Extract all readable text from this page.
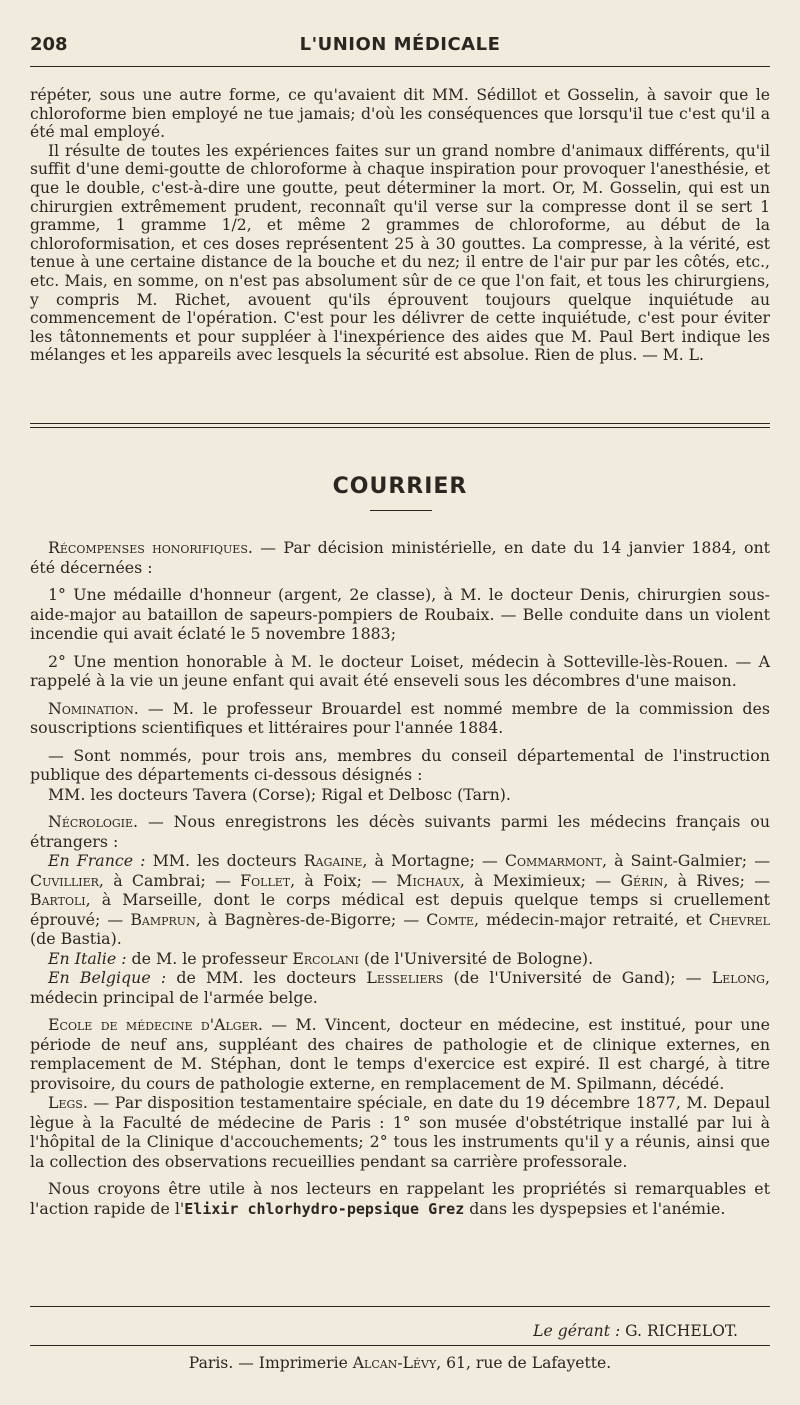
208	L'UNION MÉDICALE

répéter, sous une autre forme, ce qu'avaient dit MM. Sédillot et Gosselin, à savoir que le chloroforme bien employé ne tue jamais; d'où les conséquences que lorsqu'il tue c'est qu'il a été mal employé.

Il résulte de toutes les expériences faites sur un grand nombre d'animaux différents, qu'il suffit d'une demi-goutte de chloroforme à chaque inspiration pour provoquer l'anesthésie, et que le double, c'est-à-dire une goutte, peut déterminer la mort. Or, M. Gosselin, qui est un chirurgien extrêmement prudent, reconnaît qu'il verse sur la compresse dont il se sert 1 gramme, 1 gramme 1/2, et même 2 grammes de chloroforme, au début de la chloroformisation, et ces doses représentent 25 à 30 gouttes. La compresse, à la vérité, est tenue à une certaine distance de la bouche et du nez; il entre de l'air pur par les côtés, etc., etc. Mais, en somme, on n'est pas absolument sûr de ce que l'on fait, et tous les chirurgiens, y compris M. Richet, avouent qu'ils éprouvent toujours quelque inquiétude au commencement de l'opération. C'est pour les délivrer de cette inquiétude, c'est pour éviter les tâtonnements et pour suppléer à l'inexpérience des aides que M. Paul Bert indique les mélanges et les appareils avec lesquels la sécurité est absolue. Rien de plus. — M. L.

COURRIER

Récompenses honorifiques. — Par décision ministérielle, en date du 14 janvier 1884, ont été décernées :

1° Une médaille d'honneur (argent, 2e classe), à M. le docteur Denis, chirurgien sous-aide-major au bataillon de sapeurs-pompiers de Roubaix. — Belle conduite dans un violent incendie qui avait éclaté le 5 novembre 1883;

2° Une mention honorable à M. le docteur Loiset, médecin à Sotteville-lès-Rouen. — A rappelé à la vie un jeune enfant qui avait été enseveli sous les décombres d'une maison.

Nomination. — M. le professeur Brouardel est nommé membre de la commission des souscriptions scientifiques et littéraires pour l'année 1884.

— Sont nommés, pour trois ans, membres du conseil départemental de l'instruction publique des départements ci-dessous désignés :

MM. les docteurs Tavera (Corse); Rigal et Delbosc (Tarn).

Nécrologie. — Nous enregistrons les décès suivants parmi les médecins français ou étrangers :

En France : MM. les docteurs Ragaine, à Mortagne; — Commarmont, à Saint-Galmier; — Cuvillier, à Cambrai; — Follet, à Foix; — Michaux, à Meximieux; — Gérin, à Rives; — Bartoli, à Marseille, dont le corps médical est depuis quelque temps si cruellement éprouvé; — Bamprun, à Bagnères-de-Bigorre; — Comte, médecin-major retraité, et Chevrel (de Bastia).

En Italie : de M. le professeur Ercolani (de l'Université de Bologne).

En Belgique : de MM. les docteurs Lesseliers (de l'Université de Gand); — Lelong, médecin principal de l'armée belge.

Ecole de médecine d'Alger. — M. Vincent, docteur en médecine, est institué, pour une période de neuf ans, suppléant des chaires de pathologie et de clinique externes, en remplacement de M. Stéphan, dont le temps d'exercice est expiré. Il est chargé, à titre provisoire, du cours de pathologie externe, en remplacement de M. Spilmann, décédé.

Legs. — Par disposition testamentaire spéciale, en date du 19 décembre 1877, M. Depaul lègue à la Faculté de médecine de Paris : 1° son musée d'obstétrique installé par lui à l'hôpital de la Clinique d'accouchements; 2° tous les instruments qu'il y a réunis, ainsi que la collection des observations recueillies pendant sa carrière professorale.

Nous croyons être utile à nos lecteurs en rappelant les propriétés si remarquables et l'action rapide de l'Elixir chlorhydro-pepsique Grez dans les dyspepsies et l'anémie.

Le gérant : G. RICHELOT.
Paris. — Imprimerie Alcan-Lévy, 61, rue de Lafayette.
